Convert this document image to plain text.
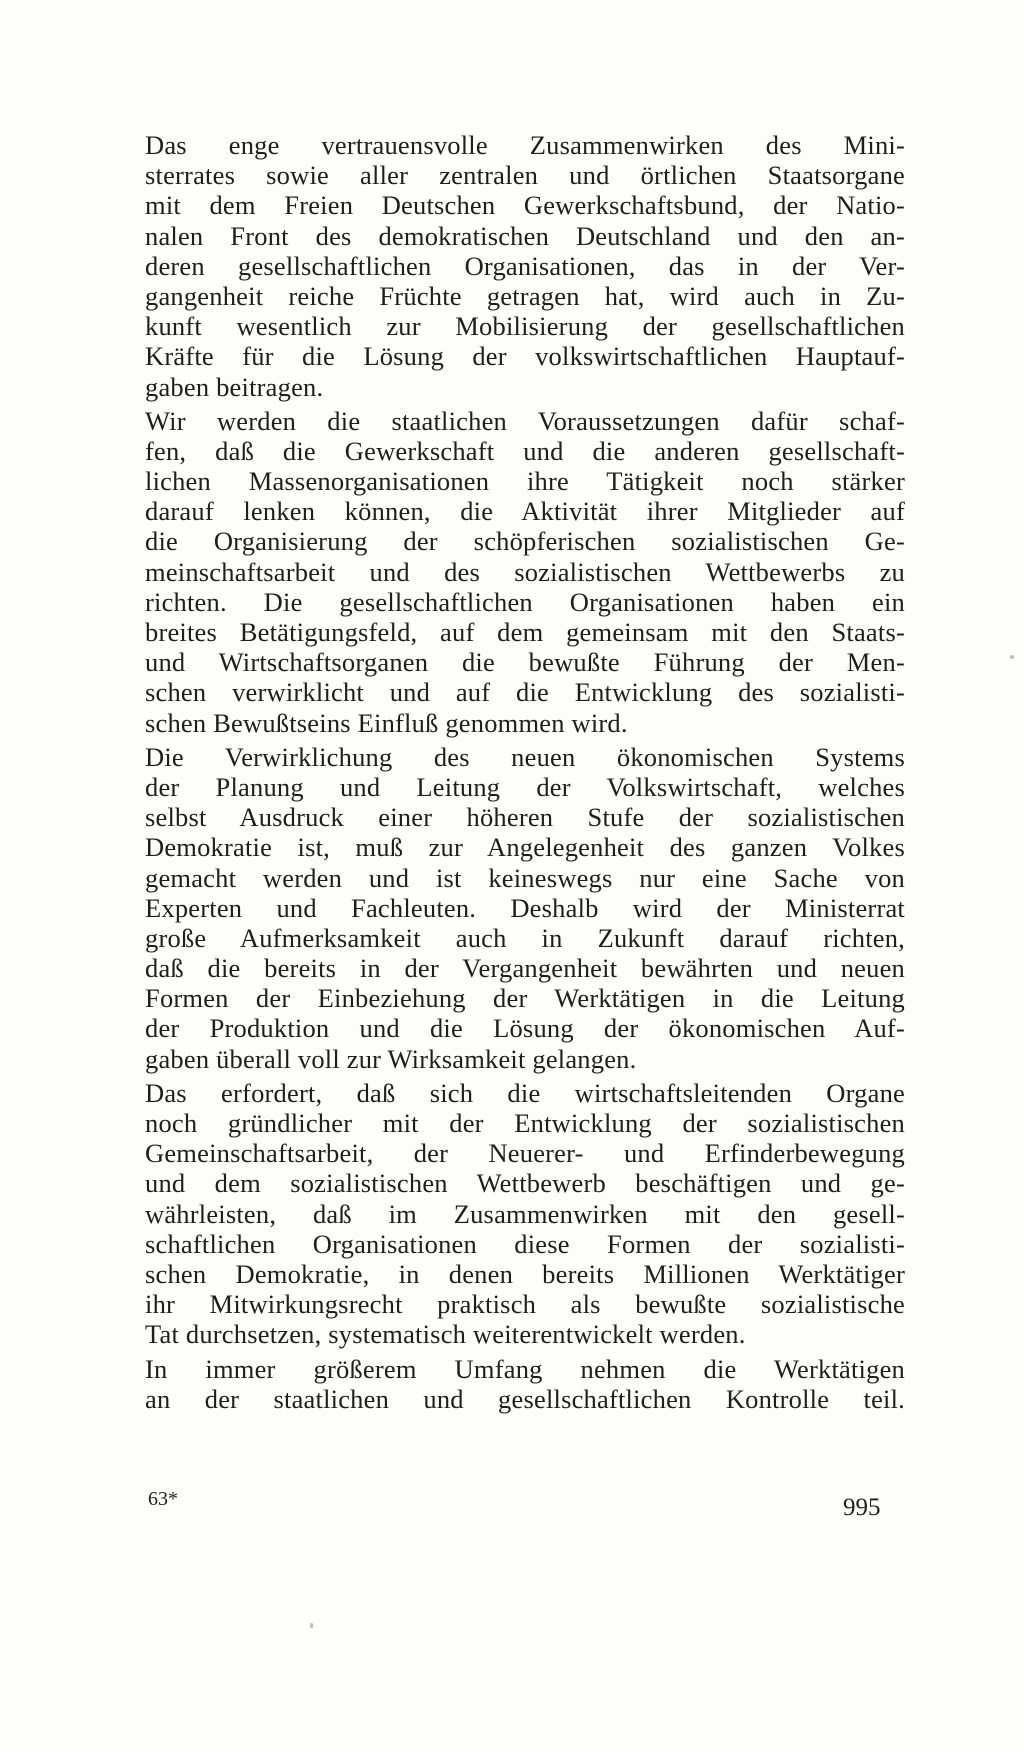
Das enge vertrauensvolle Zusammenwirken des Mini-
sterrates sowie aller zentralen und örtlichen Staatsorgane
mit dem Freien Deutschen Gewerkschaftsbund, der Natio-
nalen Front des demokratischen Deutschland und den an-
deren gesellschaftlichen Organisationen, das in der Ver-
gangenheit reiche Früchte getragen hat, wird auch in Zu-
kunft wesentlich zur Mobilisierung der gesellschaftlichen
Kräfte für die Lösung der volkswirtschaftlichen Hauptauf-
gaben beitragen.
Wir werden die staatlichen Voraussetzungen dafür schaf-
fen, daß die Gewerkschaft und die anderen gesellschaft-
lichen Massenorganisationen ihre Tätigkeit noch stärker
darauf lenken können, die Aktivität ihrer Mitglieder auf
die Organisierung der schöpferischen sozialistischen Ge-
meinschaftsarbeit und des sozialistischen Wettbewerbs zu
richten. Die gesellschaftlichen Organisationen haben ein
breites Betätigungsfeld, auf dem gemeinsam mit den Staats-
und Wirtschaftsorganen die bewußte Führung der Men-
schen verwirklicht und auf die Entwicklung des sozialisti-
schen Bewußtseins Einfluß genommen wird.
Die Verwirklichung des neuen ökonomischen Systems
der Planung und Leitung der Volkswirtschaft, welches
selbst Ausdruck einer höheren Stufe der sozialistischen
Demokratie ist, muß zur Angelegenheit des ganzen Volkes
gemacht werden und ist keineswegs nur eine Sache von
Experten und Fachleuten. Deshalb wird der Ministerrat
große Aufmerksamkeit auch in Zukunft darauf richten,
daß die bereits in der Vergangenheit bewährten und neuen
Formen der Einbeziehung der Werktätigen in die Leitung
der Produktion und die Lösung der ökonomischen Auf-
gaben überall voll zur Wirksamkeit gelangen.
Das erfordert, daß sich die wirtschaftsleitenden Organe
noch gründlicher mit der Entwicklung der sozialistischen
Gemeinschaftsarbeit, der Neuerer- und Erfinderbewegung
und dem sozialistischen Wettbewerb beschäftigen und ge-
währleisten, daß im Zusammenwirken mit den gesell-
schaftlichen Organisationen diese Formen der sozialisti-
schen Demokratie, in denen bereits Millionen Werktätiger
ihr Mitwirkungsrecht praktisch als bewußte sozialistische
Tat durchsetzen, systematisch weiterentwickelt werden.
In immer größerem Umfang nehmen die Werktätigen
an der staatlichen und gesellschaftlichen Kontrolle teil.
63*	995
